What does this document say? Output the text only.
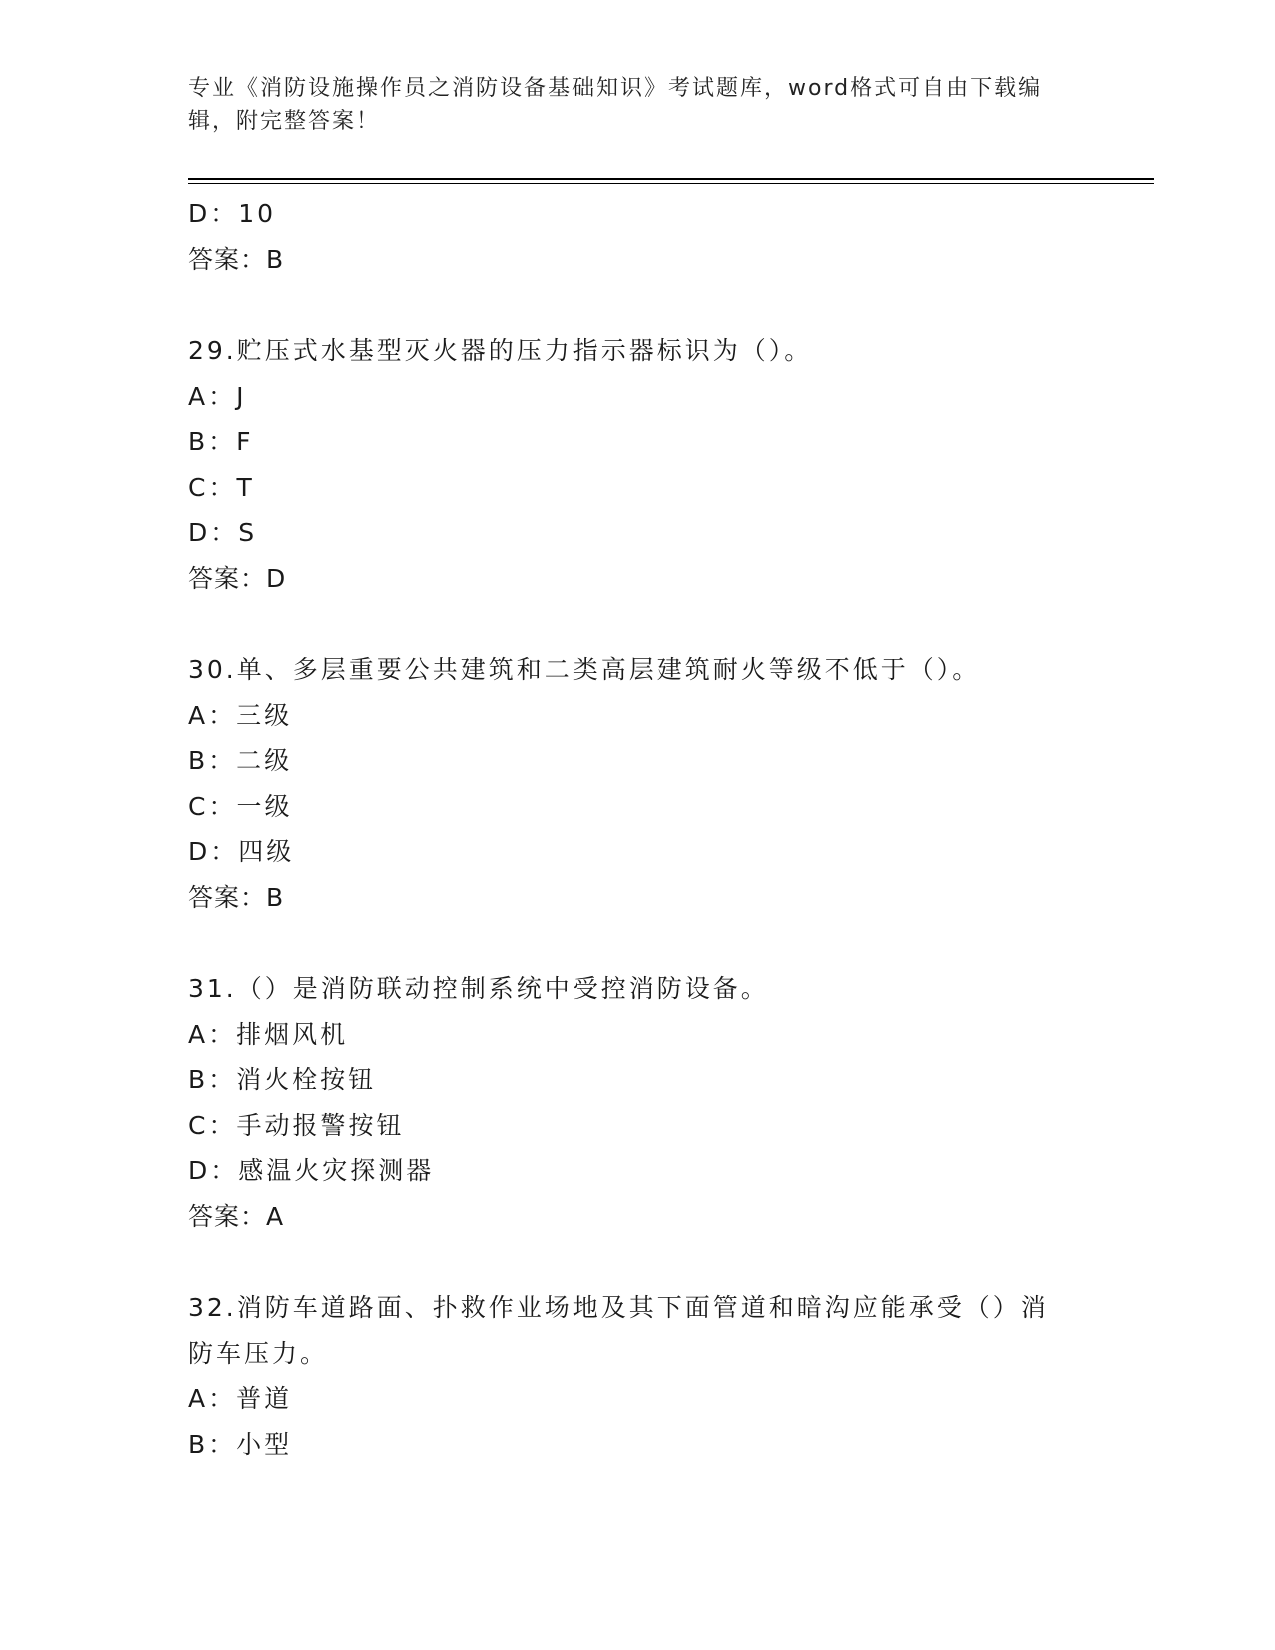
专业《消防设施操作员之消防设备基础知识》考试题库，word格式可自由下载编辑，附完整答案！
D：10
答案：B
29.贮压式水基型灭火器的压力指示器标识为（）。
A：J
B：F
C：T
D：S
答案：D
30.单、多层重要公共建筑和二类高层建筑耐火等级不低于（）。
A：三级
B：二级
C：一级
D：四级
答案：B
31.（）是消防联动控制系统中受控消防设备。
A：排烟风机
B：消火栓按钮
C：手动报警按钮
D：感温火灾探测器
答案：A
32.消防车道路面、扑救作业场地及其下面管道和暗沟应能承受（）消防车压力。
A：普道
B：小型
